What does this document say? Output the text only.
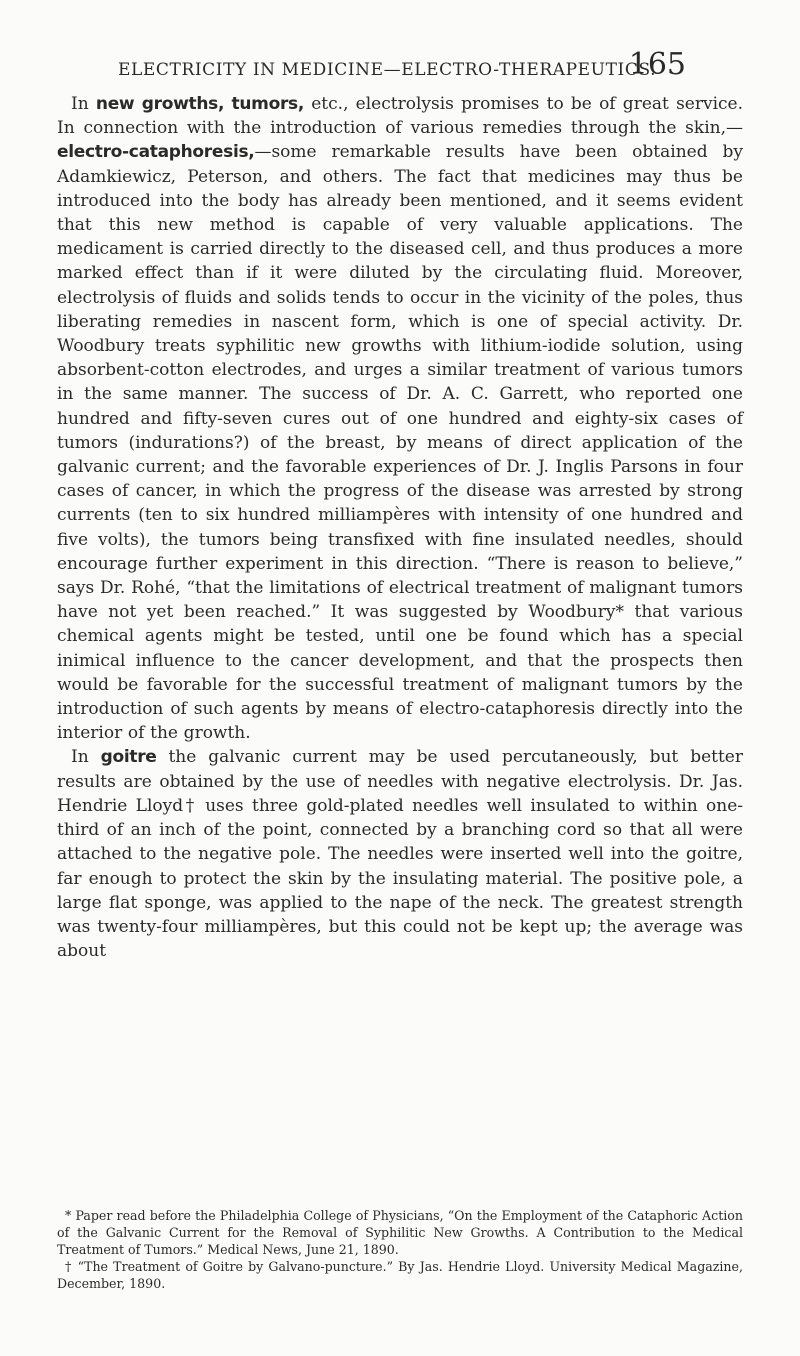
ELECTRICITY IN MEDICINE—ELECTRO-THERAPEUTICS.
165

In new growths, tumors, etc., electrolysis promises to be of great service. In connection with the introduction of various remedies through the skin,—electro-cataphoresis,—some remarkable results have been obtained by Adamkiewicz, Peterson, and others. The fact that medicines may thus be introduced into the body has already been mentioned, and it seems evident that this new method is capable of very valuable applications. The medicament is carried directly to the diseased cell, and thus produces a more marked effect than if it were diluted by the circulating fluid. Moreover, electrolysis of fluids and solids tends to occur in the vicinity of the poles, thus liberating remedies in nascent form, which is one of special activity. Dr. Woodbury treats syphilitic new growths with lithium-iodide solution, using absorbent-cotton electrodes, and urges a similar treatment of various tumors in the same manner. The success of Dr. A. C. Garrett, who reported one hundred and fifty-seven cures out of one hundred and eighty-six cases of tumors (indurations?) of the breast, by means of direct application of the galvanic current; and the favorable experiences of Dr. J. Inglis Parsons in four cases of cancer, in which the progress of the disease was arrested by strong currents (ten to six hundred milliampères with intensity of one hundred and five volts), the tumors being transfixed with fine insulated needles, should encourage further experiment in this direction. “There is reason to believe,” says Dr. Rohé, “that the limitations of electrical treatment of malignant tumors have not yet been reached.” It was suggested by Woodbury* that various chemical agents might be tested, until one be found which has a special inimical influence to the cancer development, and that the prospects then would be favorable for the successful treatment of malignant tumors by the introduction of such agents by means of electro-cataphoresis directly into the interior of the growth.

In goitre the galvanic current may be used percutaneously, but better results are obtained by the use of needles with negative electrolysis. Dr. Jas. Hendrie Lloyd† uses three gold-plated needles well insulated to within one-third of an inch of the point, connected by a branching cord so that all were attached to the negative pole. The needles were inserted well into the goitre, far enough to protect the skin by the insulating material. The positive pole, a large flat sponge, was applied to the nape of the neck. The greatest strength was twenty-four milliampères, but this could not be kept up; the average was about

* Paper read before the Philadelphia College of Physicians, “On the Employment of the Cataphoric Action of the Galvanic Current for the Removal of Syphilitic New Growths. A Contribution to the Medical Treatment of Tumors.” Medical News, June 21, 1890.

† “The Treatment of Goitre by Galvano-puncture.” By Jas. Hendrie Lloyd. University Medical Magazine, December, 1890.
